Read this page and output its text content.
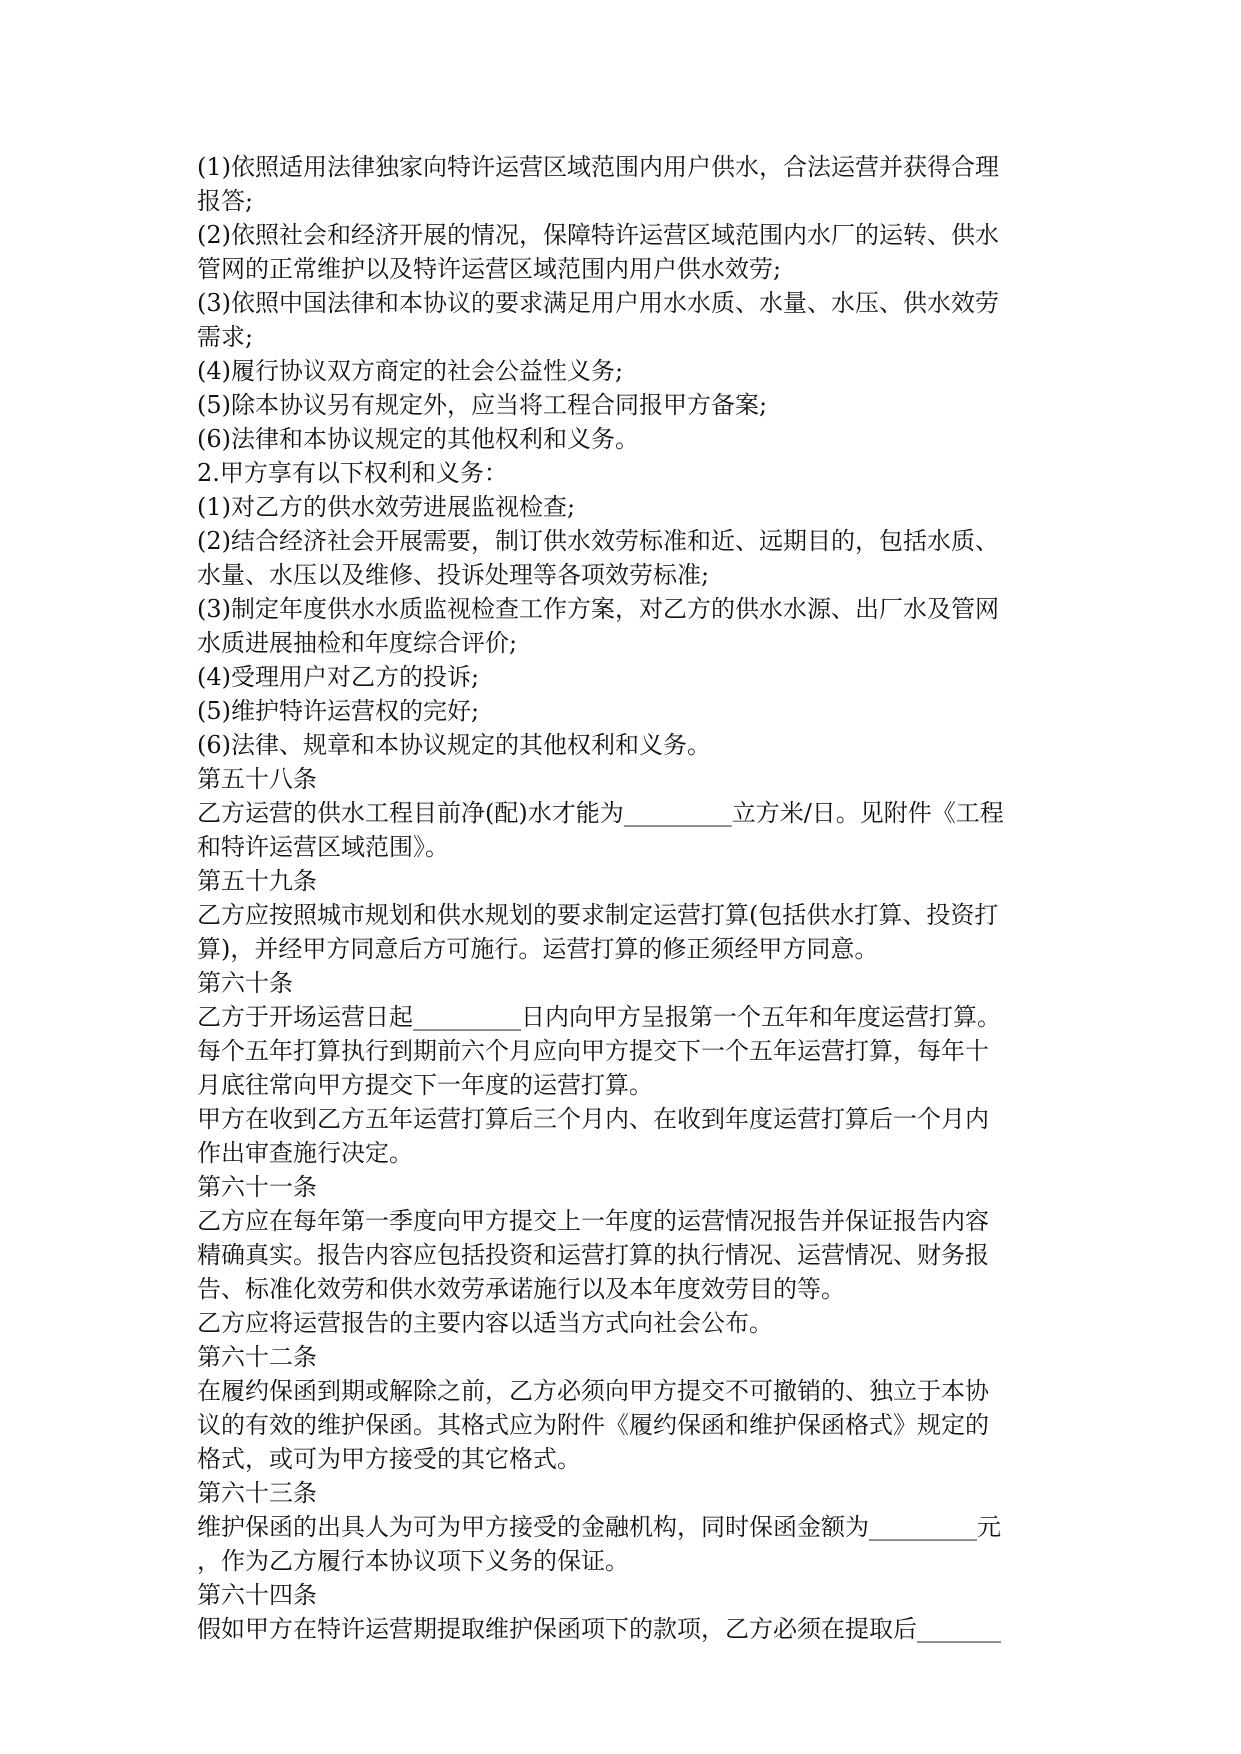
(1)依照适用法律独家向特许运营区域范围内用户供水，合法运营并获得合理
报答;
(2)依照社会和经济开展的情况，保障特许运营区域范围内水厂的运转、供水
管网的正常维护以及特许运营区域范围内用户供水效劳;
(3)依照中国法律和本协议的要求满足用户用水水质、水量、水压、供水效劳
需求;
(4)履行协议双方商定的社会公益性义务;
(5)除本协议另有规定外，应当将工程合同报甲方备案;
(6)法律和本协议规定的其他权利和义务。
2.甲方享有以下权利和义务：
(1)对乙方的供水效劳进展监视检查;
(2)结合经济社会开展需要，制订供水效劳标准和近、远期目的，包括水质、
水量、水压以及维修、投诉处理等各项效劳标准;
(3)制定年度供水水质监视检查工作方案，对乙方的供水水源、出厂水及管网
水质进展抽检和年度综合评价;
(4)受理用户对乙方的投诉;
(5)维护特许运营权的完好;
(6)法律、规章和本协议规定的其他权利和义务。
第五十八条
乙方运营的供水工程目前净(配)水才能为_________立方米/日。见附件《工程
和特许运营区域范围》。
第五十九条
乙方应按照城市规划和供水规划的要求制定运营打算(包括供水打算、投资打
算)，并经甲方同意后方可施行。运营打算的修正须经甲方同意。
第六十条
乙方于开场运营日起_________日内向甲方呈报第一个五年和年度运营打算。
每个五年打算执行到期前六个月应向甲方提交下一个五年运营打算，每年十
月底往常向甲方提交下一年度的运营打算。
甲方在收到乙方五年运营打算后三个月内、在收到年度运营打算后一个月内
作出审查施行决定。
第六十一条
乙方应在每年第一季度向甲方提交上一年度的运营情况报告并保证报告内容
精确真实。报告内容应包括投资和运营打算的执行情况、运营情况、财务报
告、标准化效劳和供水效劳承诺施行以及本年度效劳目的等。
乙方应将运营报告的主要内容以适当方式向社会公布。
第六十二条
在履约保函到期或解除之前，乙方必须向甲方提交不可撤销的、独立于本协
议的有效的维护保函。其格式应为附件《履约保函和维护保函格式》规定的
格式，或可为甲方接受的其它格式。
第六十三条
维护保函的出具人为可为甲方接受的金融机构，同时保函金额为_________元
，作为乙方履行本协议项下义务的保证。
第六十四条
假如甲方在特许运营期提取维护保函项下的款项，乙方必须在提取后_______
